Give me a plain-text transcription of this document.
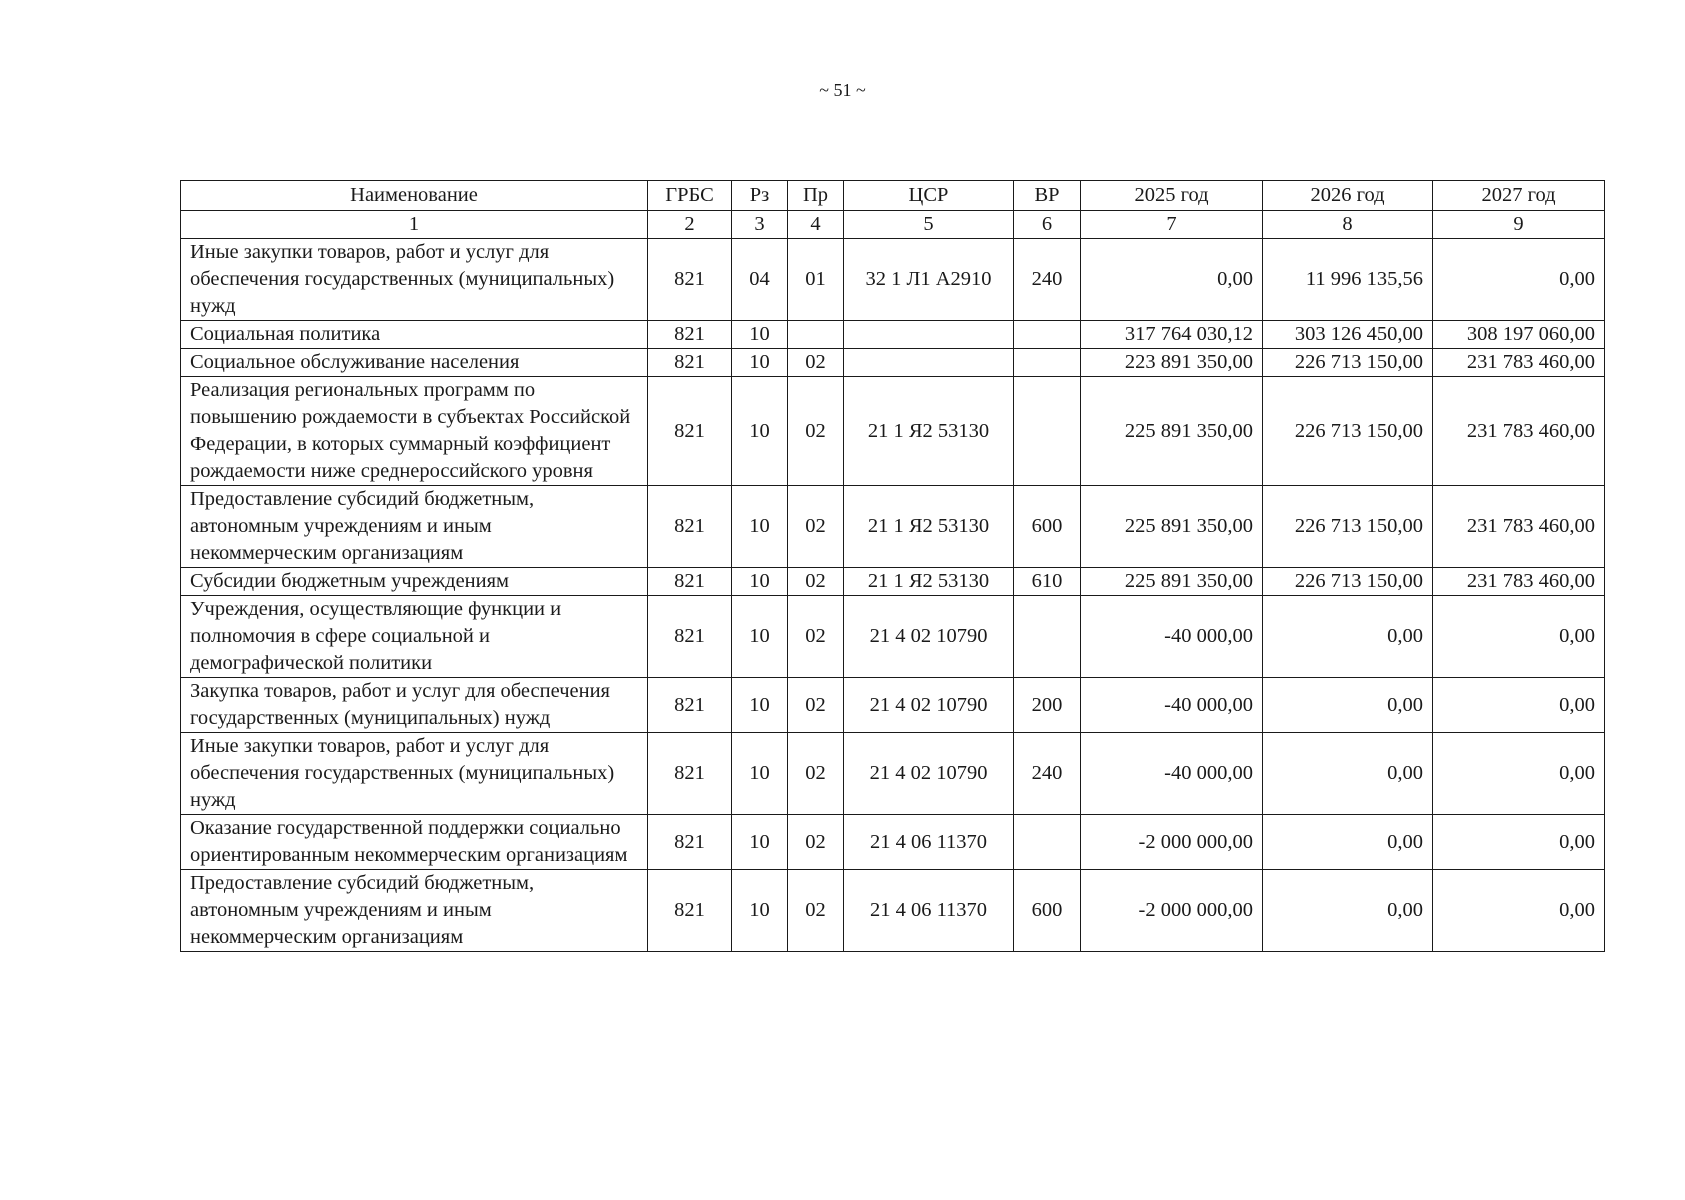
~ 51 ~
Наименование	ГРБС	Рз	Пр	ЦСР	ВР	2025 год	2026 год	2027 год
1	2	3	4	5	6	7	8	9
Иные закупки товаров, работ и услуг для обеспечения государственных (муниципальных) нужд	821	04	01	32 1 Л1 А2910	240	0,00	11 996 135,56	0,00
Социальная политика	821	10				317 764 030,12	303 126 450,00	308 197 060,00
Социальное обслуживание населения	821	10	02			223 891 350,00	226 713 150,00	231 783 460,00
Реализация региональных программ по повышению рождаемости в субъектах Российской Федерации, в которых суммарный коэффициент рождаемости ниже среднероссийского уровня	821	10	02	21 1 Я2 53130		225 891 350,00	226 713 150,00	231 783 460,00
Предоставление субсидий бюджетным, автономным учреждениям и иным некоммерческим организациям	821	10	02	21 1 Я2 53130	600	225 891 350,00	226 713 150,00	231 783 460,00
Субсидии бюджетным учреждениям	821	10	02	21 1 Я2 53130	610	225 891 350,00	226 713 150,00	231 783 460,00
Учреждения, осуществляющие функции и полномочия в сфере социальной и демографической политики	821	10	02	21 4 02 10790		-40 000,00	0,00	0,00
Закупка товаров, работ и услуг для обеспечения государственных (муниципальных) нужд	821	10	02	21 4 02 10790	200	-40 000,00	0,00	0,00
Иные закупки товаров, работ и услуг для обеспечения государственных (муниципальных) нужд	821	10	02	21 4 02 10790	240	-40 000,00	0,00	0,00
Оказание государственной поддержки социально ориентированным некоммерческим организациям	821	10	02	21 4 06 11370		-2 000 000,00	0,00	0,00
Предоставление субсидий бюджетным, автономным учреждениям и иным некоммерческим организациям	821	10	02	21 4 06 11370	600	-2 000 000,00	0,00	0,00
